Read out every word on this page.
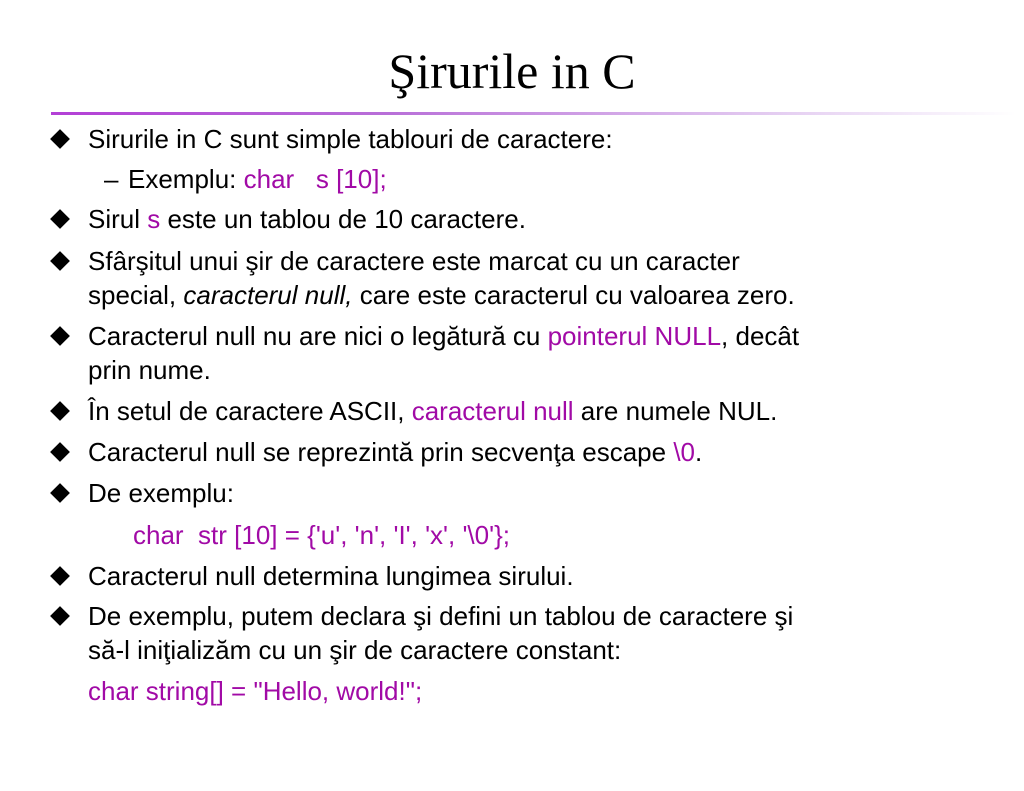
Şirurile in C

Sirurile in C sunt simple tablouri de caractere:

– Exemplu: char   s [10];

Sirul s este un tablou de 10 caractere.

Sfârşitul unui şir de caractere este marcat cu un caracter

special, caracterul null, care este caracterul cu valoarea zero.

Caracterul null nu are nici o legătură cu pointerul NULL, decât

prin nume.

În setul de caractere ASCII, caracterul null are numele NUL.

Caracterul null se reprezintă prin secvenţa escape \0.

De exemplu:

char  str [10] = {'u', 'n', 'I', 'x', '\0'};

Caracterul null determina lungimea sirului.

De exemplu, putem declara şi defini un tablou de caractere şi

să-l iniţializăm cu un şir de caractere constant:

char string[] = "Hello, world!";
